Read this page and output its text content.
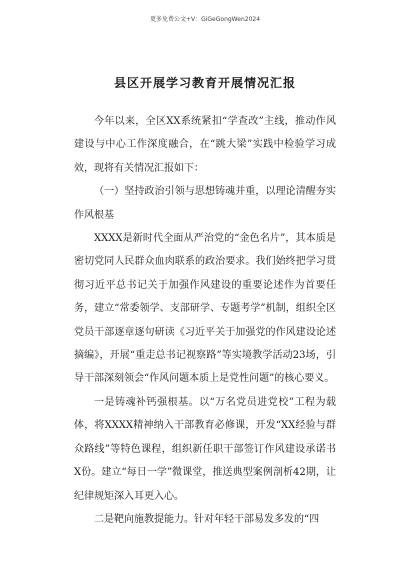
更多免费公文+V：GiGeGongWen2024
县区开展学习教育开展情况汇报

今年以来，全区XX系统紧扣“学查改”主线，推动作风建设与中心工作深度融合，在“跳大梁”实践中检验学习成效，现将有关情况汇报如下：

（一）坚持政治引领与思想铸魂并重，以理论清醒夯实作风根基

XXXX是新时代全面从严治党的“金色名片”，其本质是密切党同人民群众血肉联系的政治要求。我们始终把学习贯彻习近平总书记关于加强作风建设的重要论述作为首要任务，建立“常委领学、支部研学、专题考学”机制，组织全区党员干部逐章逐句研读《习近平关于加强党的作风建设论述摘编》，开展“重走总书记视察路”等实境教学活动23场，引导干部深刻领会“作风问题本质上是党性问题”的核心要义。

一是铸魂补钙强根基。以“万名党员进党校”工程为载体，将XXXX精神纳入干部教育必修课，开发“XX经验与群众路线”等特色课程，组织新任职干部签订作风建设承诺书X份。建立“每日一学”微课堂，推送典型案例剖析42期，让纪律规矩深入耳更入心。

二是靶向施教提能力。针对年轻干部易发多发的“四
